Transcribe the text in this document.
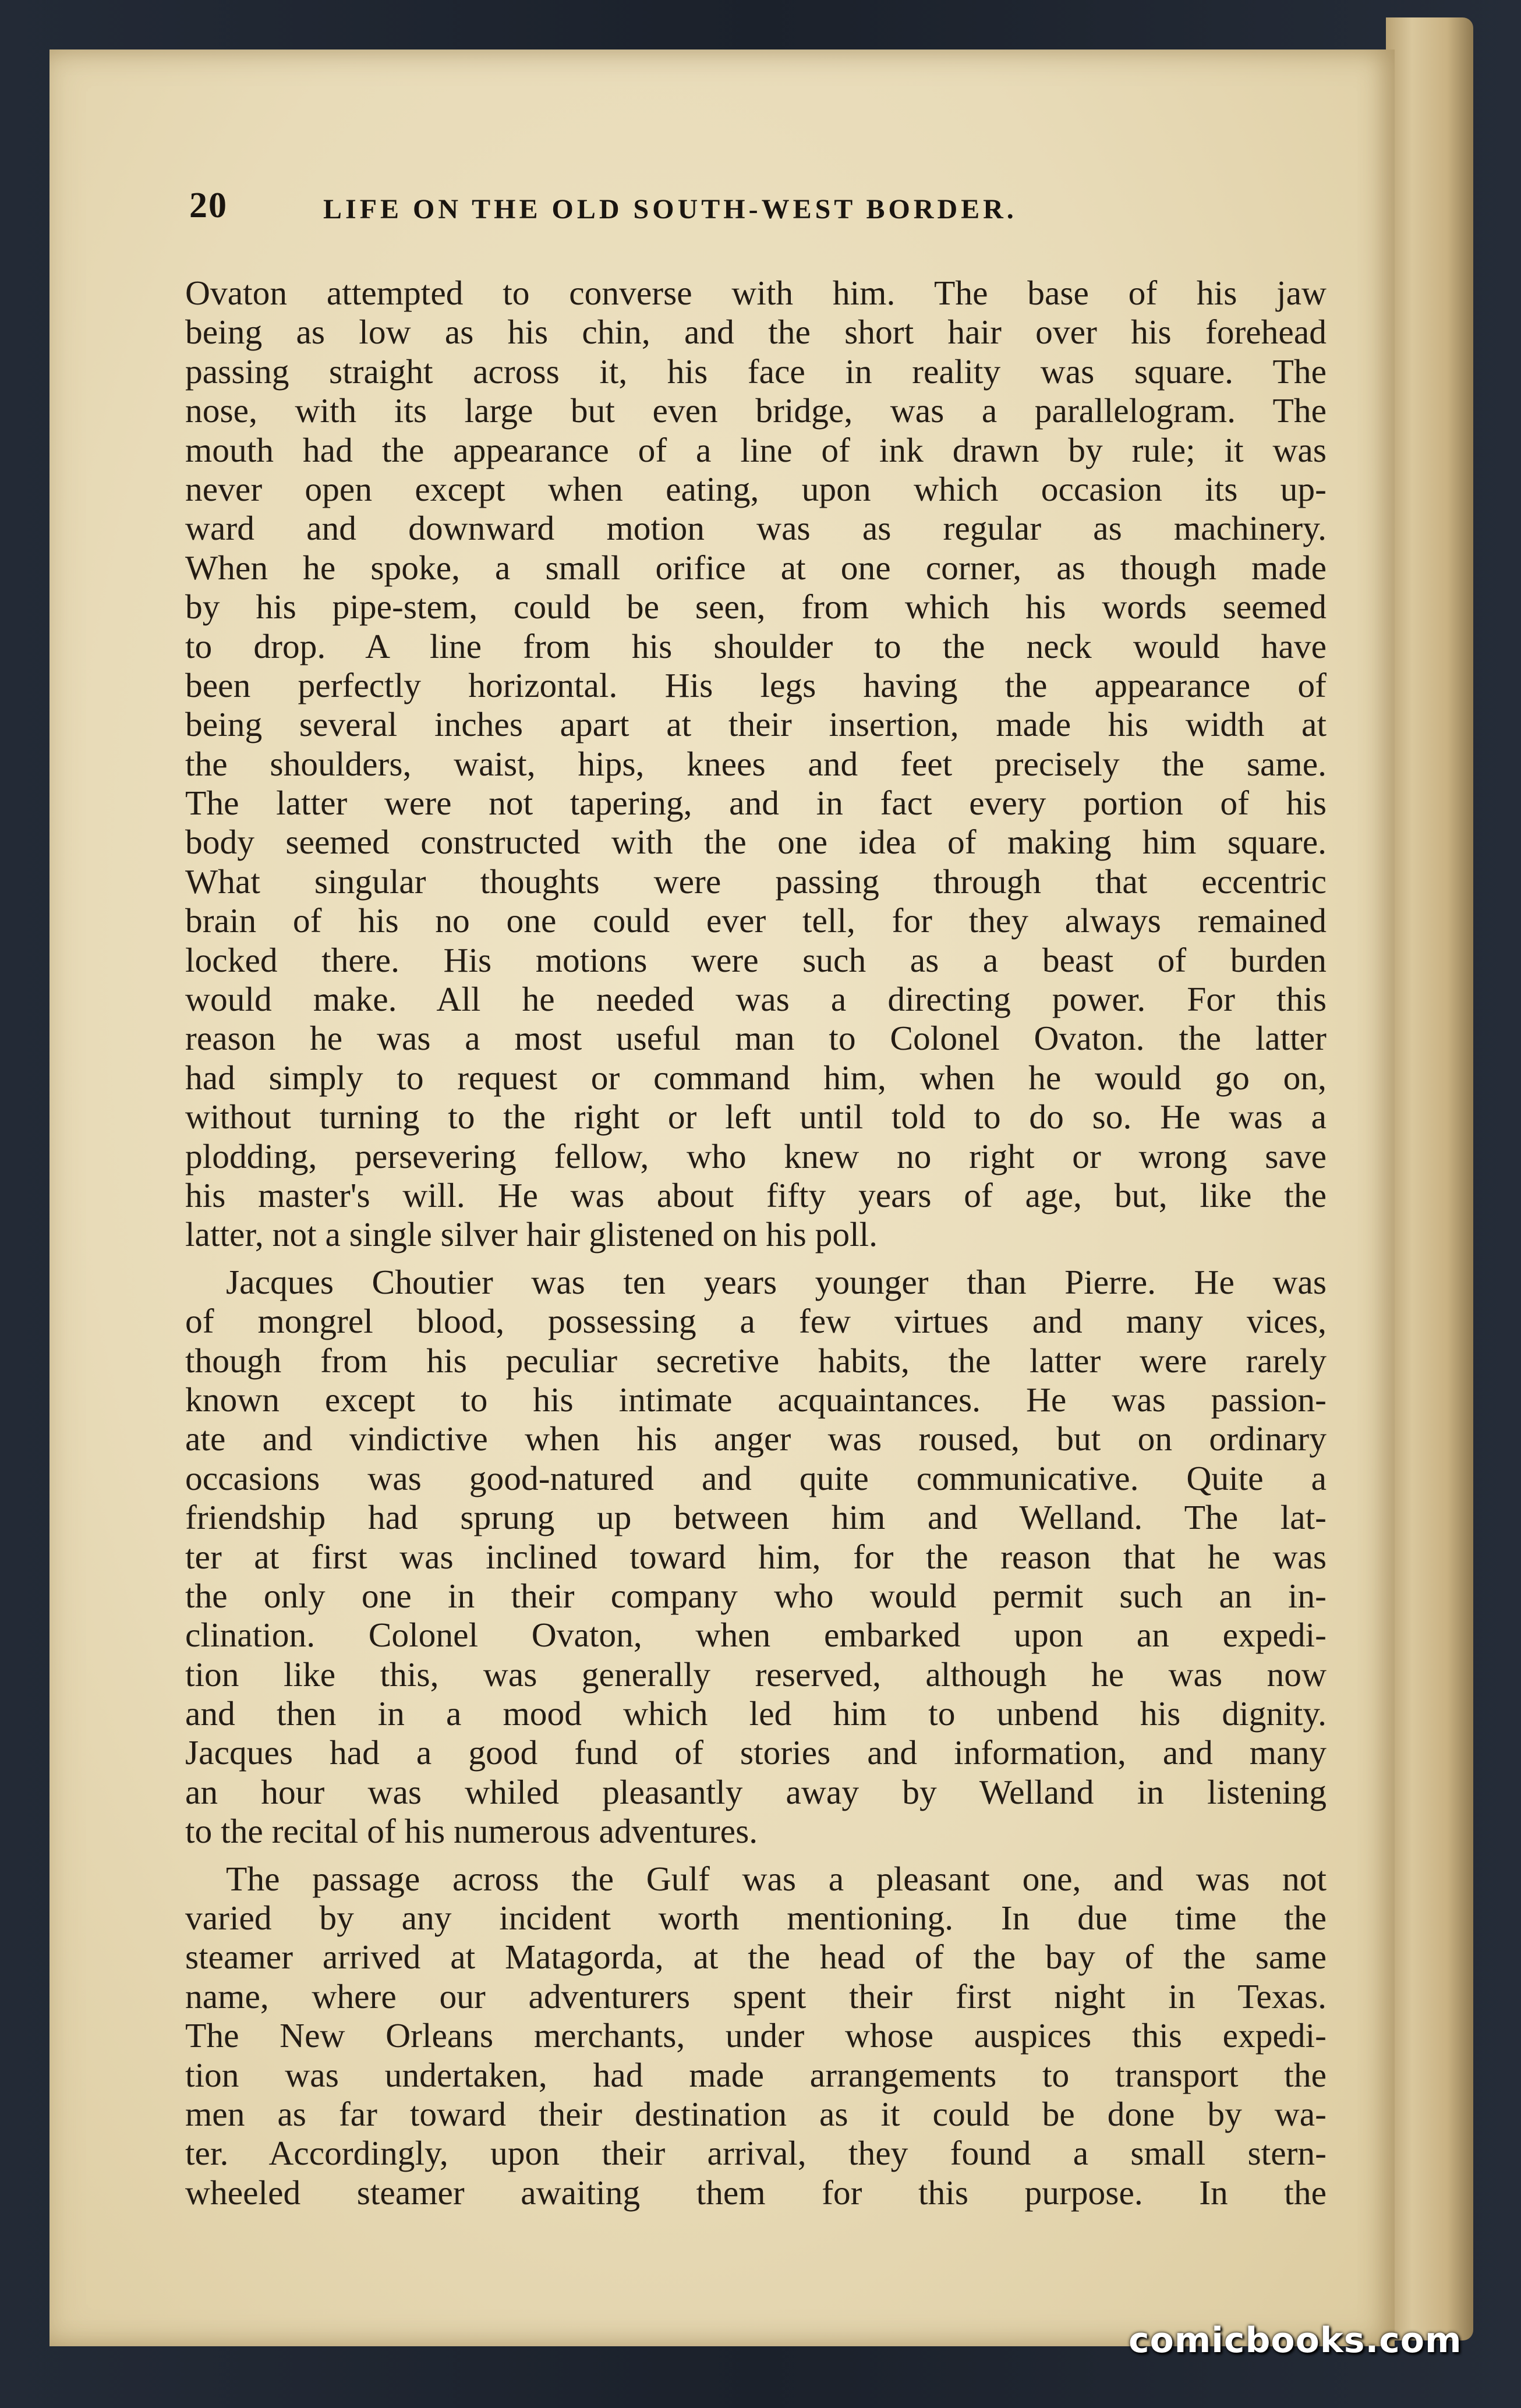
20	LIFE ON THE OLD SOUTH-WEST BORDER.
Ovaton attempted to converse with him. The base of his jaw
being as low as his chin, and the short hair over his forehead
passing straight across it, his face in reality was square. The
nose, with its large but even bridge, was a parallelogram. The
mouth had the appearance of a line of ink drawn by rule; it was
never open except when eating, upon which occasion its up-
ward and downward motion was as regular as machinery.
When he spoke, a small orifice at one corner, as though made
by his pipe-stem, could be seen, from which his words seemed
to drop. A line from his shoulder to the neck would have
been perfectly horizontal. His legs having the appearance of
being several inches apart at their insertion, made his width at
the shoulders, waist, hips, knees and feet precisely the same.
The latter were not tapering, and in fact every portion of his
body seemed constructed with the one idea of making him square.
What singular thoughts were passing through that eccentric
brain of his no one could ever tell, for they always remained
locked there. His motions were such as a beast of burden
would make. All he needed was a directing power. For this
reason he was a most useful man to Colonel Ovaton. the latter
had simply to request or command him, when he would go on,
without turning to the right or left until told to do so. He was a
plodding, persevering fellow, who knew no right or wrong save
his master's will. He was about fifty years of age, but, like the
latter, not a single silver hair glistened on his poll.
Jacques Choutier was ten years younger than Pierre. He was
of mongrel blood, possessing a few virtues and many vices,
though from his peculiar secretive habits, the latter were rarely
known except to his intimate acquaintances. He was passion-
ate and vindictive when his anger was roused, but on ordinary
occasions was good-natured and quite communicative. Quite a
friendship had sprung up between him and Welland. The lat-
ter at first was inclined toward him, for the reason that he was
the only one in their company who would permit such an in-
clination. Colonel Ovaton, when embarked upon an expedi-
tion like this, was generally reserved, although he was now
and then in a mood which led him to unbend his dignity.
Jacques had a good fund of stories and information, and many
an hour was whiled pleasantly away by Welland in listening
to the recital of his numerous adventures.
The passage across the Gulf was a pleasant one, and was not
varied by any incident worth mentioning. In due time the
steamer arrived at Matagorda, at the head of the bay of the same
name, where our adventurers spent their first night in Texas.
The New Orleans merchants, under whose auspices this expedi-
tion was undertaken, had made arrangements to transport the
men as far toward their destination as it could be done by wa-
ter. Accordingly, upon their arrival, they found a small stern-
wheeled steamer awaiting them for this purpose. In the
comicbooks.com
